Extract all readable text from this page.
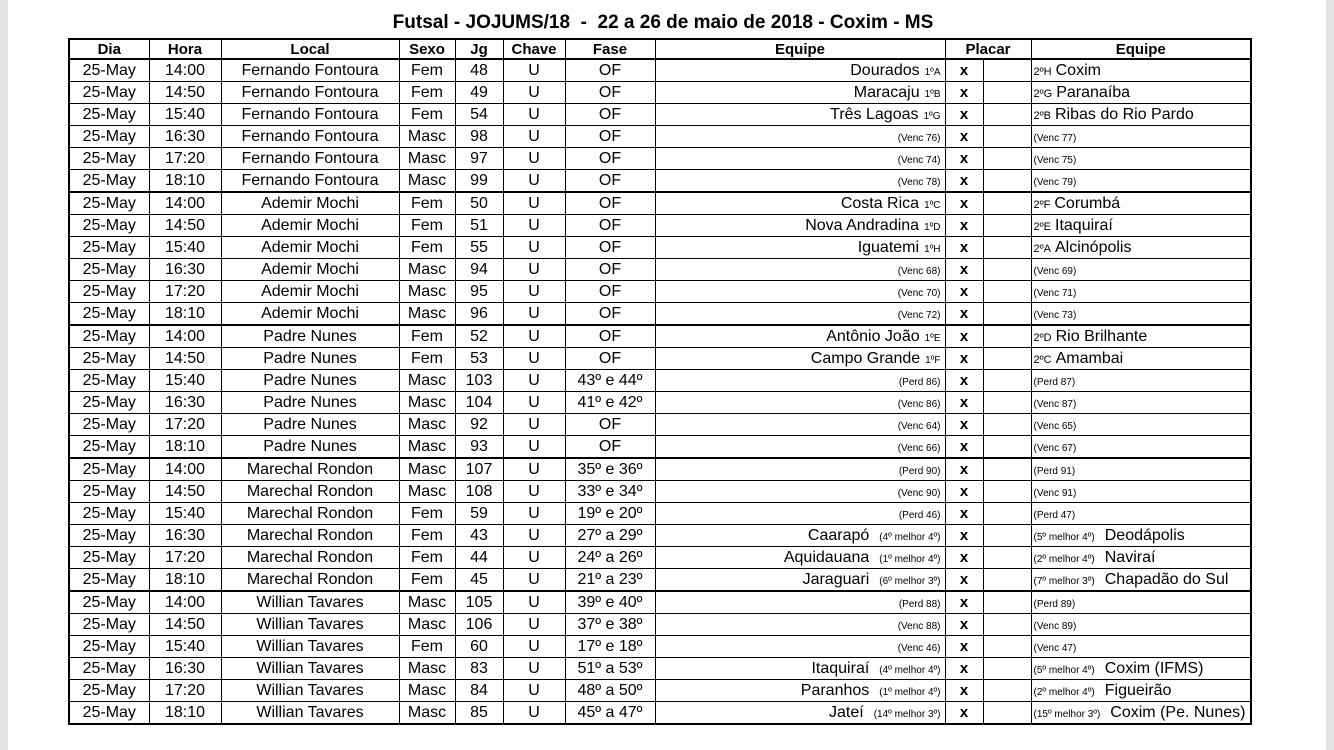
Futsal - JOJUMS/18  -  22 a 26 de maio de 2018 - Coxim - MS
Dia	Hora	Local	Sexo	Jg	Chave	Fase	Equipe	Placar		Equipe
25-May	14:00	Fernando Fontoura	Fem	48	U	OF	Dourados 1ºA	x		2ºH Coxim
25-May	14:50	Fernando Fontoura	Fem	49	U	OF	Maracaju 1ºB	x		2ºG Paranaíba
25-May	15:40	Fernando Fontoura	Fem	54	U	OF	Três Lagoas 1ºG	x		2ºB Ribas do Rio Pardo
25-May	16:30	Fernando Fontoura	Masc	98	U	OF	(Venc 76)	x		(Venc 77)
25-May	17:20	Fernando Fontoura	Masc	97	U	OF	(Venc 74)	x		(Venc 75)
25-May	18:10	Fernando Fontoura	Masc	99	U	OF	(Venc 78)	x		(Venc 79)
25-May	14:00	Ademir Mochi	Fem	50	U	OF	Costa Rica 1ºC	x		2ºF Corumbá
25-May	14:50	Ademir Mochi	Fem	51	U	OF	Nova Andradina 1ºD	x		2ºE Itaquiraí
25-May	15:40	Ademir Mochi	Fem	55	U	OF	Iguatemi 1ºH	x		2ºA Alcinópolis
25-May	16:30	Ademir Mochi	Masc	94	U	OF	(Venc 68)	x		(Venc 69)
25-May	17:20	Ademir Mochi	Masc	95	U	OF	(Venc 70)	x		(Venc 71)
25-May	18:10	Ademir Mochi	Masc	96	U	OF	(Venc 72)	x		(Venc 73)
25-May	14:00	Padre Nunes	Fem	52	U	OF	Antônio João 1ºE	x		2ºD Rio Brilhante
25-May	14:50	Padre Nunes	Fem	53	U	OF	Campo Grande 1ºF	x		2ºC Amambai
25-May	15:40	Padre Nunes	Masc	103	U	43º e 44º	(Perd 86)	x		(Perd 87)
25-May	16:30	Padre Nunes	Masc	104	U	41º e 42º	(Venc 86)	x		(Venc 87)
25-May	17:20	Padre Nunes	Masc	92	U	OF	(Venc 64)	x		(Venc 65)
25-May	18:10	Padre Nunes	Masc	93	U	OF	(Venc 66)	x		(Venc 67)
25-May	14:00	Marechal Rondon	Masc	107	U	35º e 36º	(Perd 90)	x		(Perd 91)
25-May	14:50	Marechal Rondon	Masc	108	U	33º e 34º	(Venc 90)	x		(Venc 91)
25-May	15:40	Marechal Rondon	Fem	59	U	19º e 20º	(Perd 46)	x		(Perd 47)
25-May	16:30	Marechal Rondon	Fem	43	U	27º a 29º	Caarapó (4º melhor 4º)	x		(5º melhor 4º) Deodápolis
25-May	17:20	Marechal Rondon	Fem	44	U	24º a 26º	Aquidauana (1º melhor 4º)	x		(2º melhor 4º) Naviraí
25-May	18:10	Marechal Rondon	Fem	45	U	21º a 23º	Jaraguari (6º melhor 3º)	x		(7º melhor 3º) Chapadão do Sul
25-May	14:00	Willian Tavares	Masc	105	U	39º e 40º	(Perd 88)	x		(Perd 89)
25-May	14:50	Willian Tavares	Masc	106	U	37º e 38º	(Venc 88)	x		(Venc 89)
25-May	15:40	Willian Tavares	Fem	60	U	17º e 18º	(Venc 46)	x		(Venc 47)
25-May	16:30	Willian Tavares	Masc	83	U	51º a 53º	Itaquiraí (4º melhor 4º)	x		(5º melhor 4º) Coxim (IFMS)
25-May	17:20	Willian Tavares	Masc	84	U	48º a 50º	Paranhos (1º melhor 4º)	x		(2º melhor 4º) Figueirão
25-May	18:10	Willian Tavares	Masc	85	U	45º a 47º	Jateí (14º melhor 3º)	x		(15º melhor 3º) Coxim (Pe. Nunes)
